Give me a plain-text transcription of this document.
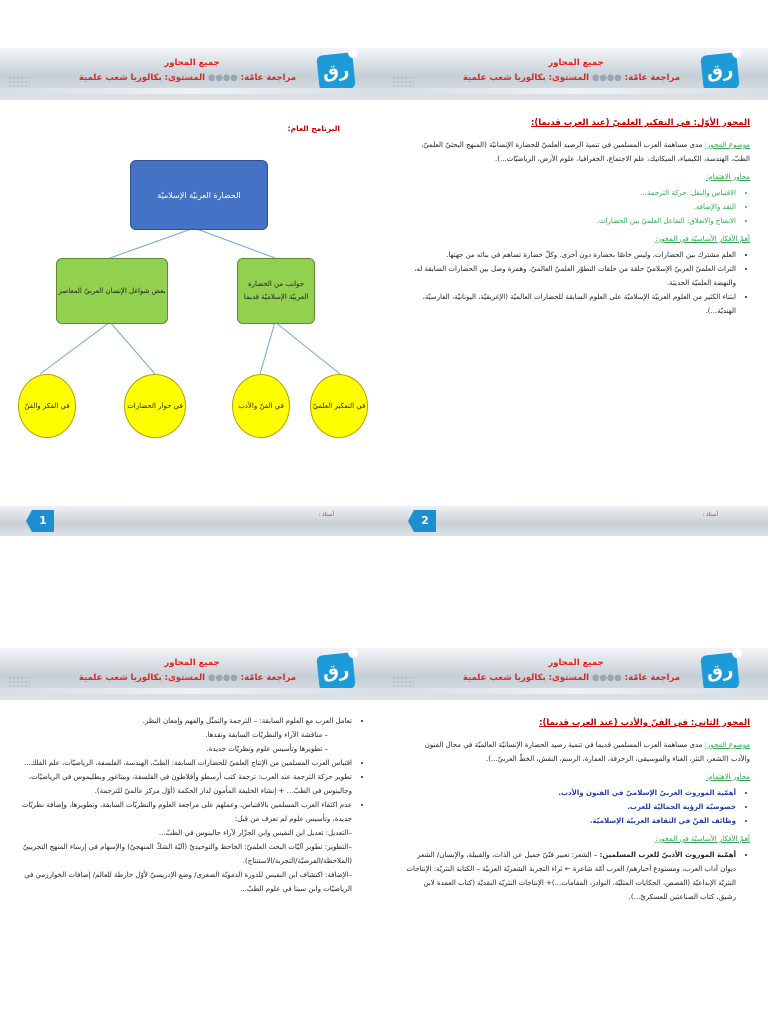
جميع المحاور
مراجعة عامّة: ●●●● المستوى: بكالوريا شعب علمية	رق
المحور الأوّل: في التفكير العلميّ (عند العرب قديما):

موضوع المحور: مدى مساهمة العرب المسلمين في تنمية الرصيد العلميّ للحضارة الإنسانيّة (المنهج البحثيّ العلميّ، الطبّ، الهندسة، الكيمياء، الميكانيك، علم الاجتماع، الجغرافيا، علوم الأرض، الرياضيّات...).

محاور الاهتمام:
• الاقتباس والنقل: حركة الترجمة...
• النقد والإضافة.
• الانفتاح والانغلاق: التفاعل العلميّ بين الحضارات.
أهمّ الأفكار الأساسيّة في المحور:
• العلم مشترك بين الحضارات، وليس خاصّا بحضارة دون أخرى. وكلّ حضارة تساهم في بنائه من جهتها.
• التراث العلميّ العربيّ الإسلاميّ حلقة من حلقات التطوّر العلميّ العالميّ، وهمزة وصل بين الحضارات السابقة له، والنهضة العلميّة الحديثة.
• ابتناء الكثير من العلوم العربيّة الإسلاميّة على العلوم السابقة للحضارات العالميّة (الإغريقيّة، اليونانيّة، الفارسيّة، الهنديّة...).
2	أستاذ :
جميع المحاور
مراجعة عامّة: ●●●● المستوى: بكالوريا شعب علمية	رق
البرنامج العام:
الحضارة العربيّة الإسلاميّة
جوانب من الحضارة العربيّة الإسلاميّة قديما
بعض شواغل الإنسان العربيّ المعاصر
في التفكير العلميّ
في الفنّ والأدب
في حوار الحضارات
في الفكر والفنّ
1	أستاذ :
جميع المحاور
مراجعة عامّة: ●●●● المستوى: بكالوريا شعب علمية	رق
المحور الثاني: في الفنّ والأدب (عند العرب قديما):

موضوع المحور: مدى مساهمة العرب المسلمين قديما في تنمية رصيد الحضارة الإنسانيّة العالميّة في مجال الفنون والأدب (الشعر، النثر، الغناء والموسيقى، الزخرفة، العمارة، الرسم، النقش، الخطّ العربيّ...).

محاور الاهتمام:
• أهمّية الموروث العربيّ الإسلاميّ في الفنون والأدب.
• خصوصيّة الرؤية الجماليّة للعرب.
• وظائف الفنّ في الثقافة العربيّة الإسلاميّة.
أهمّ الأفكار الأساسيّة في المحور:
• أهمّية الموروث الأدبيّ للعرب المسلمين: – الشعر: تعبير فنّيّ جميل عن الذات، والقبيلة، والإنسان/ الشعر ديوان آداب العرب، ومستودع أخبارهم/ العرب أمّة شاعرة ← ثراء التجربة الشعريّة العربيّة – الكتابة النثريّة: الإنتاجات النثريّة الإبداعيّة (القصص، الحكايات المثليّة، النوادر، المقامات...)+ الإنتاجات النثريّة النقديّة (كتاب العمدة لابن رشيق، كتاب الصناعتين للعسكريّ...).
جميع المحاور
مراجعة عامّة: ●●●● المستوى: بكالوريا شعب علمية	رق
• تعامل العرب مع العلوم السابقة: – الترجمة والتمثّل والفهم وإمعان النظر.
– مناقشة الآراء والنظريّات السابقة ونقدها.
– تطويرها وتأسيس علوم ونظريّات جديدة.
• اقتباس العرب المسلمين من الإنتاج العلميّ للحضارات السابقة: الطبّ، الهندسة، الفلسفة، الرياضيّات، علم الفلك...
• تطوير حركة الترجمة عند العرب: ترجمة كتب أرسطو وأفلاطون في الفلسفة، وبيتاغور وبطليموس في الرياضيّات، وجالينوس في الطبّ... + إنشاء الخليفة المأمون لدار الحكمة (أوّل مركز عالميّ للترجمة).
• عدم اكتفاء العرب المسلمين بالاقتباس، وعملهم على مراجعة العلوم والنظريّات السابقة، وتطويرها، وإضافة نظريّات جديدة، وتأسيس علوم لم تعرف من قبل:
–التعديل: تعديل ابن النفيس وابن الجزّار لآراء جالينوس في الطبّ...
–التطوير: تطوير آليّات البحث العلميّ: الجاحظ والتوحيديّ (آليّة الشكّ المنهجيّ) والإسهام في إرساء المنهج التجريبيّ (الملاحظة/الفرضيّة/التجربة/الاستنتاج).
–الإضافة: اكتشاف ابن النفيس للدورة الدمويّة الصغرى/ وضع الإدريسيّ لأوّل خارطة للعالم/ إضافات الخوارزمي في الرياضيّات وابن سينا في علوم الطبّ...
